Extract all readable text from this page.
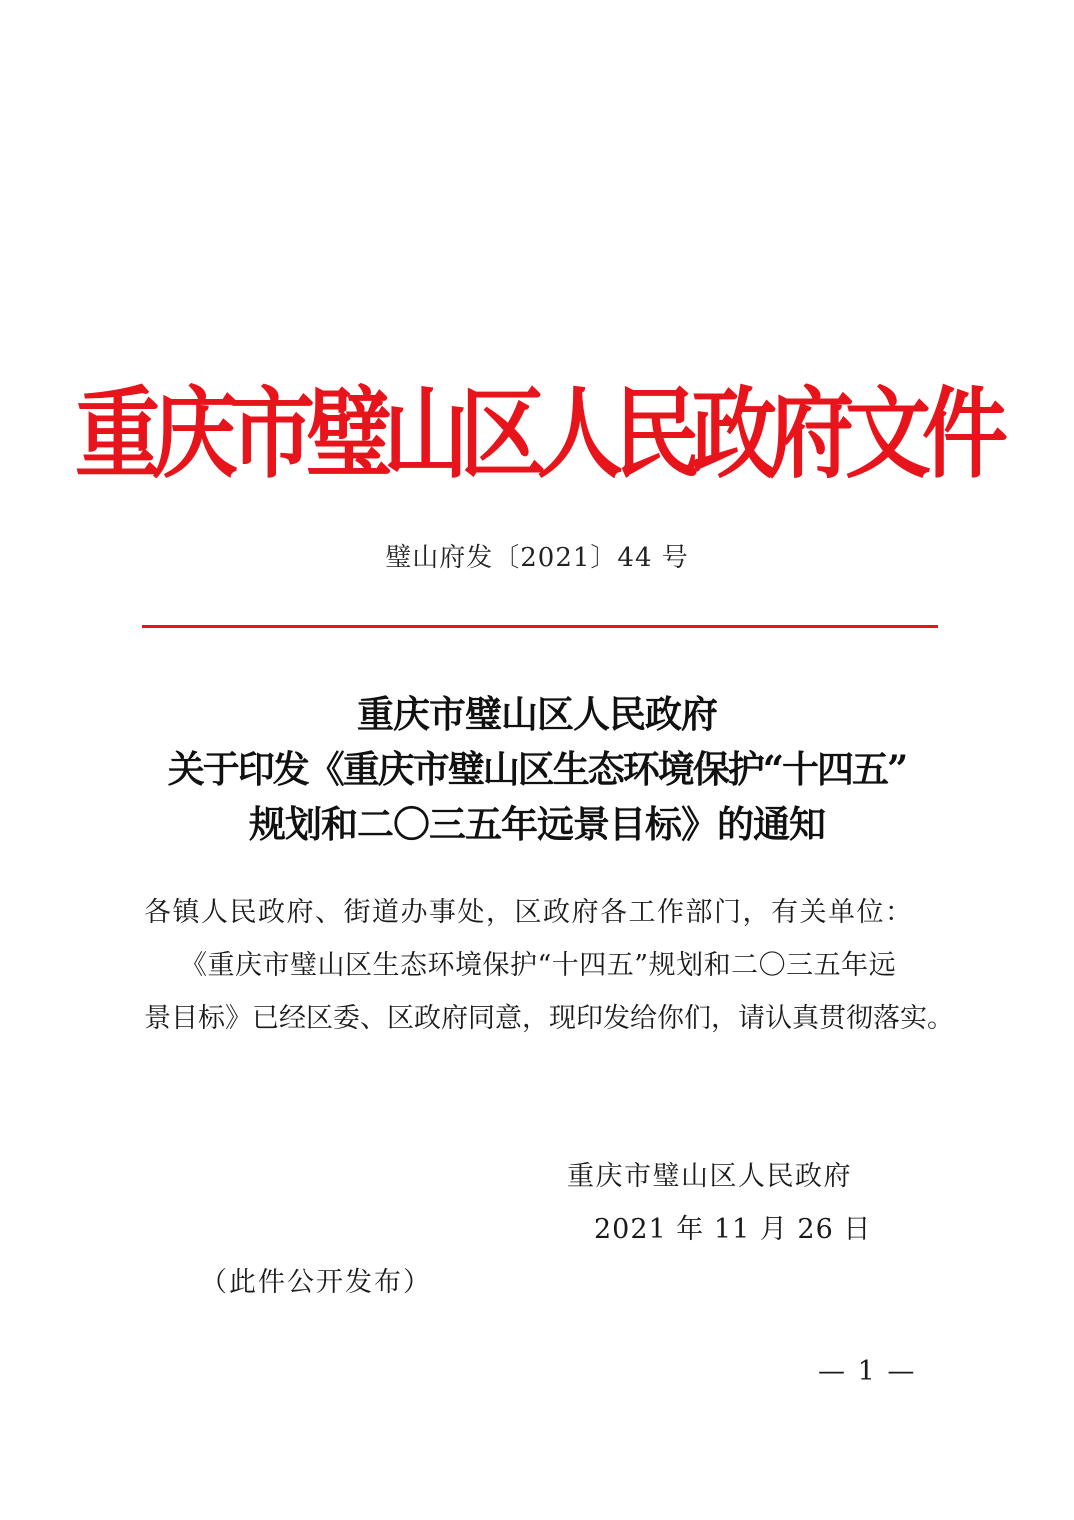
重庆市璧山区人民政府文件
璧山府发〔2021〕44 号
重庆市璧山区人民政府
关于印发《重庆市璧山区生态环境保护“十四五”
规划和二〇三五年远景目标》的通知
各镇人民政府、街道办事处，区政府各工作部门，有关单位：
《重庆市璧山区生态环境保护“十四五”规划和二〇三五年远
景目标》已经区委、区政府同意，现印发给你们，请认真贯彻落实。
重庆市璧山区人民政府
2021 年 11 月 26 日
（此件公开发布）
— 1 —
